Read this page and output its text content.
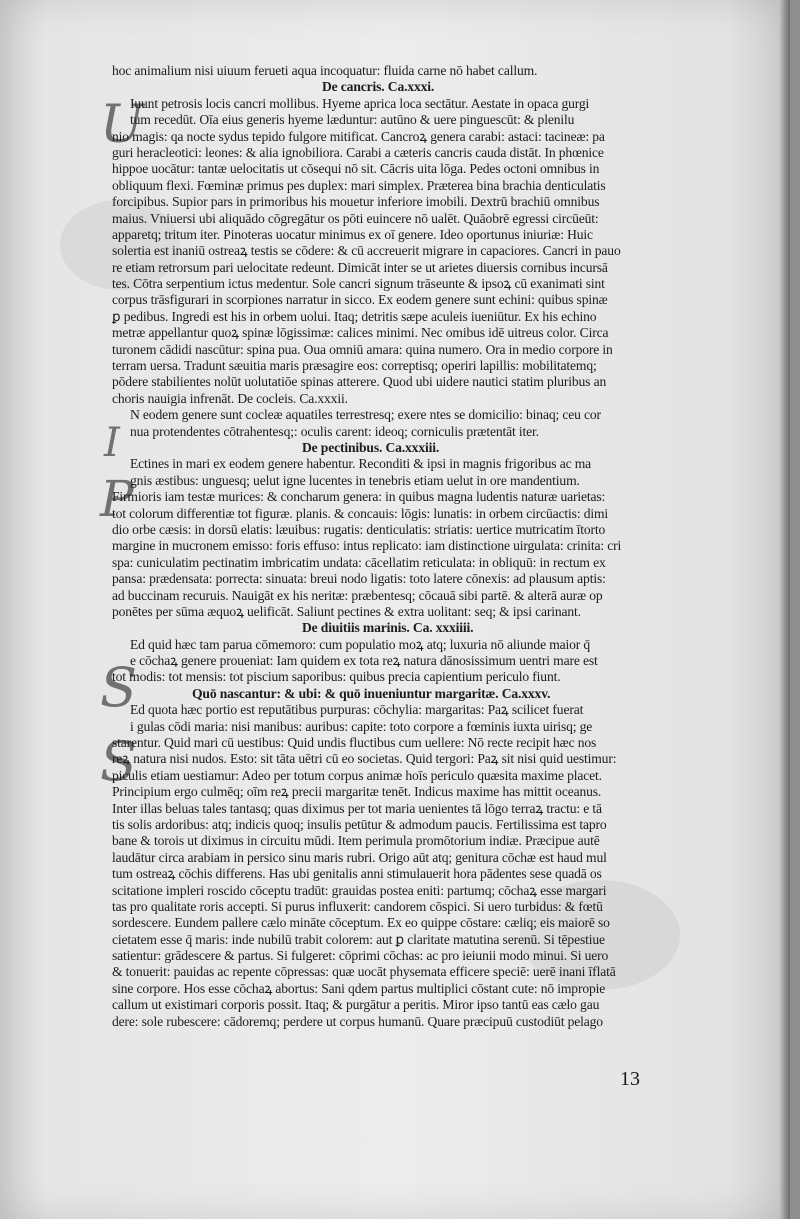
U
I
P
S
S
hoc animalium nisi uiuum ferueti aqua incoquatur: fluida carne nō habet callum.
De cancris. Ca.xxxi.
Iuunt petrosis locis cancri mollibus. Hyeme aprica loca sectātur. Aestate in opaca gurgi
tum recedūt. Oīa eius generis hyeme læduntur: autūno & uere pinguescūt: & plenilu
nio magis: qa nocte sydus tepido fulgore mitificat. Cancroꝝ genera carabi: astaci: tacineæ: pa
guri heracleotici: leones: & alia ignobiliora. Carabi a cæteris cancris cauda distāt. In phœnice
hippoe uocātur: tantæ uelocitatis ut cōsequi nō sit. Cācris uita lōga. Pedes octoni omnibus in
obliquum flexi. Fœminæ primus pes duplex: mari simplex. Præterea bina brachia denticulatis
forcipibus. Supior pars in primoribus his mouetur inferiore imobili. Dextrū brachiū omnibus
maius. Vniuersi ubi aliquādo cōgregātur os pōti euincere nō ualēt. Quāobrē egressi circūeūt:
apparetq; tritum iter. Pinoteras uocatur minimus ex oī genere. Ideo oportunus iniuriæ: Huic
solertia est inaniū ostreaꝝ testis se cōdere: & cū accreuerit migrare in capaciores. Cancri in pauo
re etiam retrorsum pari uelocitate redeunt. Dimicāt inter se ut arietes diuersis cornibus incursā
tes. Cōtra serpentium ictus medentur. Sole cancri signum trāseunte & ipsoꝝ cū exanimati sint
corpus trāsfigurari in scorpiones narratur in sicco. Ex eodem genere sunt echini: quibus spinæ
ꝑ pedibus. Ingredi est his in orbem uolui. Itaq; detritis sæpe aculeis iueniūtur. Ex his echino
metræ appellantur quoꝝ spinæ lōgissimæ: calices minimi. Nec omibus idē uitreus color. Circa
turonem cādidi nascūtur: spina pua. Oua omniū amara: quina numero. Ora in medio corpore in
terram uersa. Tradunt sæuitia maris præsagire eos: correptisq; operiri lapillis: mobilitatemq;
pōdere stabilientes nolūt uolutatiōe spinas atterere. Quod ubi uidere nautici statim pluribus an
choris nauigia infrenāt. De cocleis. Ca.xxxii.
N eodem genere sunt cocleæ aquatiles terrestresq; exere ntes se domicilio: binaq; ceu cor
nua protendentes cōtrahentesq;: oculis carent: ideoq; corniculis prætentāt iter.
De pectinibus. Ca.xxxiii.
Ectines in mari ex eodem genere habentur. Reconditi & ipsi in magnis frigoribus ac ma
gnis æstibus: unguesq; uelut igne lucentes in tenebris etiam uelut in ore mandentium.
Firmioris iam testæ murices: & concharum genera: in quibus magna ludentis naturæ uarietas:
tot colorum differentiæ tot figuræ. planis. & concauis: lōgis: lunatis: in orbem circūactis: dimi
dio orbe cæsis: in dorsū elatis: læuibus: rugatis: denticulatis: striatis: uertice mutricatim ītorto
margine in mucronem emisso: foris effuso: intus replicato: iam distinctione uirgulata: crinita: cri
spa: cuniculatim pectinatim imbricatim undata: cācellatim reticulata: in obliquū: in rectum ex
pansa: prædensata: porrecta: sinuata: breui nodo ligatis: toto latere cōnexis: ad plausum aptis:
ad buccinam recuruis. Nauigāt ex his neritæ: præbentesq; cōcauā sibi partē. & alterā auræ op
ponētes per sūma æquoꝝ uelificāt. Saliunt pectines & extra uolitant: seq; & ipsi carinant.
De diuitiis marinis. Ca. xxxiiii.
Ed quid hæc tam parua cōmemoro: cum populatio moꝝ atq; luxuria nō aliunde maior q̄
e cōchaꝝ genere proueniat: Iam quidem ex tota reꝝ natura dānosissimum uentri mare est
tot modis: tot mensis: tot piscium saporibus: quibus precia capientium periculo fiunt.
Quō nascantur: & ubi: & quō inueniuntur margaritæ. Ca.xxxv.
Ed quota hæc portio est reputātibus purpuras: cōchylia: margaritas: Paꝝ scilicet fuerat
i gulas cōdi maria: nisi manibus: auribus: capite: toto corpore a fœminis iuxta uirisq; ge
starentur. Quid mari cū uestibus: Quid undis fluctibus cum uellere: Nō recte recipit hæc nos
reꝝ natura nisi nudos. Esto: sit tāta uētri cū eo societas. Quid tergori: Paꝝ sit nisi quid uestimur:
piculis etiam uestiamur: Adeo per totum corpus animæ hoīs periculo quæsita maxime placet.
Principium ergo culmēq; oīm reꝝ precii margaritæ tenēt. Indicus maxime has mittit oceanus.
Inter illas beluas tales tantasq; quas diximus per tot maria uenientes tā lōgo terraꝝ tractu: e tā
tis solis ardoribus: atq; indicis quoq; insulis petūtur & admodum paucis. Fertilissima est tapro
bane & torois ut diximus in circuitu mūdi. Item perimula promōtorium indiæ. Præcipue autē
laudātur circa arabiam in persico sinu maris rubri. Origo aūt atq; genitura cōchæ est haud mul
tum ostreaꝝ cōchis differens. Has ubi genitalis anni stimulauerit hora pādentes sese quadā os
scitatione impleri roscido cōceptu tradūt: grauidas postea eniti: partumq; cōchaꝝ esse margari
tas pro qualitate roris accepti. Si purus influxerit: candorem cōspici. Si uero turbidus: & fœtū
sordescere. Eundem pallere cælo mināte cōceptum. Ex eo quippe cōstare: cæliq; eis maiorē so
cietatem esse q̄ maris: inde nubilū trabit colorem: aut ꝑ claritate matutina serenū. Si tēpestiue
satientur: grādescere & partus. Si fulgeret: cōprimi cōchas: ac pro ieiunii modo minui. Si uero
& tonuerit: pauidas ac repente cōpressas: quæ uocāt physemata efficere speciē: uerē inani īflatā
sine corpore. Hos esse cōchaꝝ abortus: Sani qdem partus multiplici cōstant cute: nō impropie
callum ut existimari corporis possit. Itaq; & purgātur a peritis. Miror ipso tantū eas cælo gau
dere: sole rubescere: cādoremq; perdere ut corpus humanū. Quare præcipuū custodiūt pelago
13
